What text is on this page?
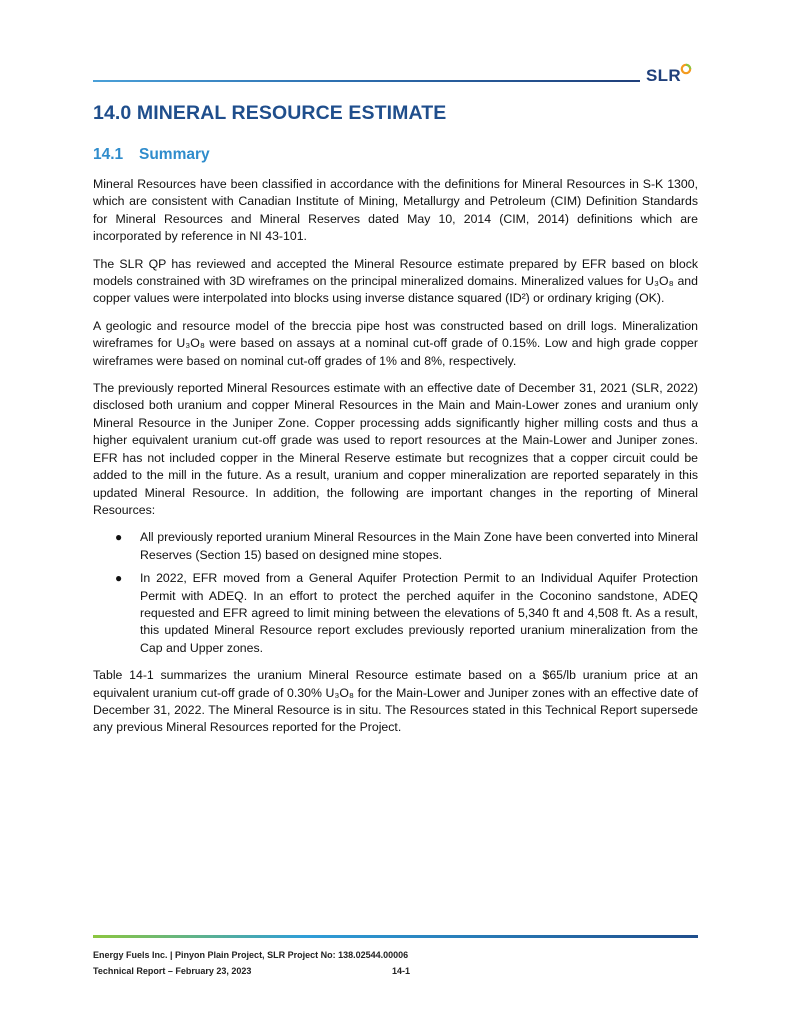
SLR
14.0 MINERAL RESOURCE ESTIMATE
14.1 Summary

Mineral Resources have been classified in accordance with the definitions for Mineral Resources in S-K 1300, which are consistent with Canadian Institute of Mining, Metallurgy and Petroleum (CIM) Definition Standards for Mineral Resources and Mineral Reserves dated May 10, 2014 (CIM, 2014) definitions which are incorporated by reference in NI 43-101.

The SLR QP has reviewed and accepted the Mineral Resource estimate prepared by EFR based on block models constrained with 3D wireframes on the principal mineralized domains. Mineralized values for U₃O₈ and copper values were interpolated into blocks using inverse distance squared (ID²) or ordinary kriging (OK).

A geologic and resource model of the breccia pipe host was constructed based on drill logs. Mineralization wireframes for U₃O₈ were based on assays at a nominal cut-off grade of 0.15%. Low and high grade copper wireframes were based on nominal cut-off grades of 1% and 8%, respectively.

The previously reported Mineral Resources estimate with an effective date of December 31, 2021 (SLR, 2022) disclosed both uranium and copper Mineral Resources in the Main and Main-Lower zones and uranium only Mineral Resource in the Juniper Zone. Copper processing adds significantly higher milling costs and thus a higher equivalent uranium cut-off grade was used to report resources at the Main-Lower and Juniper zones. EFR has not included copper in the Mineral Reserve estimate but recognizes that a copper circuit could be added to the mill in the future. As a result, uranium and copper mineralization are reported separately in this updated Mineral Resource. In addition, the following are important changes in the reporting of Mineral Resources:

● All previously reported uranium Mineral Resources in the Main Zone have been converted into Mineral Reserves (Section 15) based on designed mine stopes.
● In 2022, EFR moved from a General Aquifer Protection Permit to an Individual Aquifer Protection Permit with ADEQ. In an effort to protect the perched aquifer in the Coconino sandstone, ADEQ requested and EFR agreed to limit mining between the elevations of 5,340 ft and 4,508 ft. As a result, this updated Mineral Resource report excludes previously reported uranium mineralization from the Cap and Upper zones.

Table 14-1 summarizes the uranium Mineral Resource estimate based on a $65/lb uranium price at an equivalent uranium cut-off grade of 0.30% U₃O₈ for the Main-Lower and Juniper zones with an effective date of December 31, 2022. The Mineral Resource is in situ. The Resources stated in this Technical Report supersede any previous Mineral Resources reported for the Project.

Energy Fuels Inc. | Pinyon Plain Project, SLR Project No: 138.02544.00006
Technical Report – February 23, 2023	14-1
